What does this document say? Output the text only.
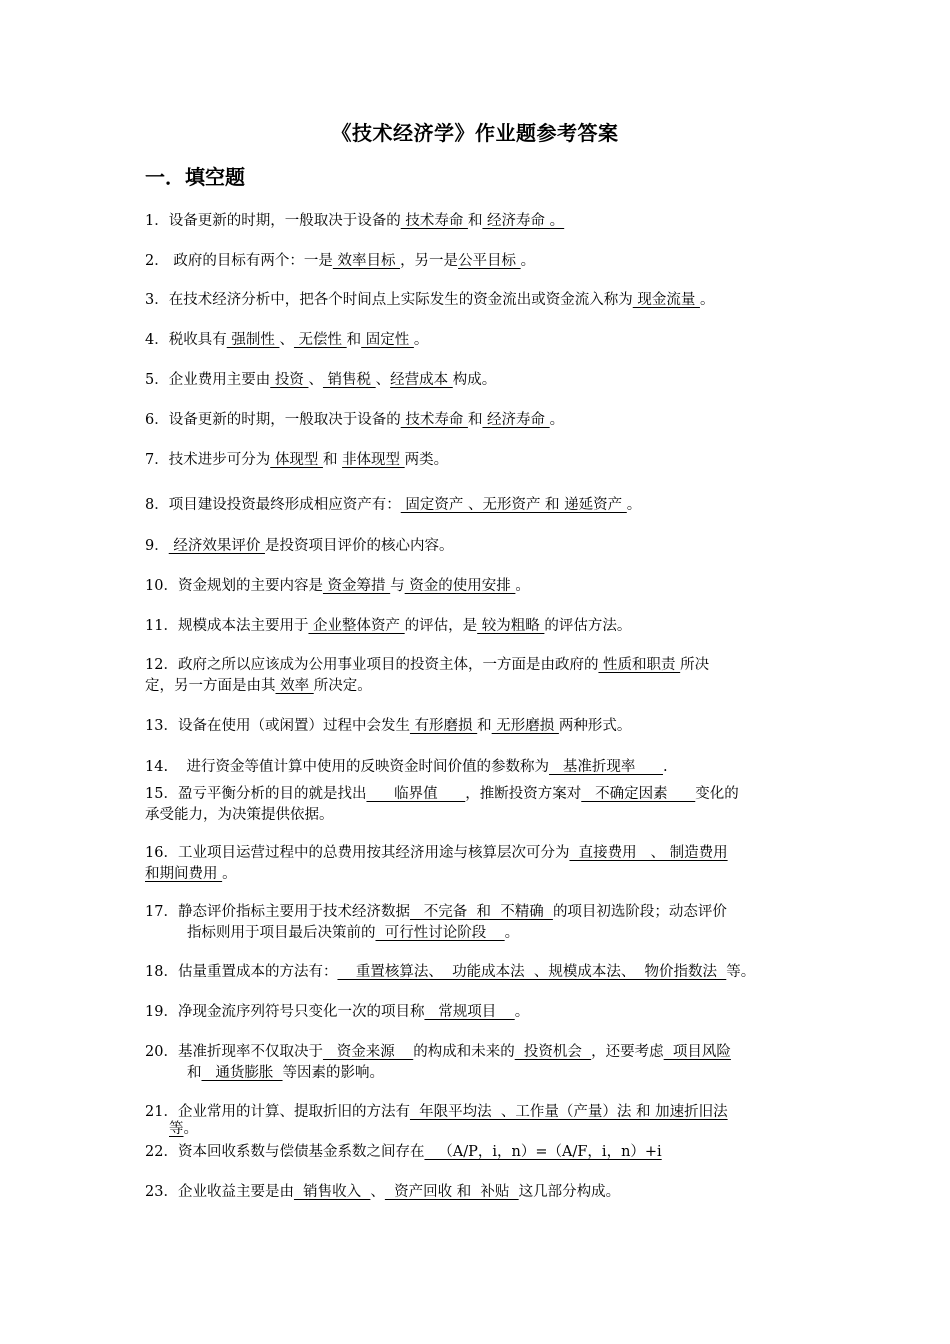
《技术经济学》作业题参考答案
一．填空题
1．设备更新的时期，一般取决于设备的 技术寿命 和 经济寿命 。
2． 政府的目标有两个：一是 效率目标 ，另一是公平目标 。
3．在技术经济分析中，把各个时间点上实际发生的资金流出或资金流入称为 现金流量 。
4．税收具有 强制性 、 无偿性 和 固定性 。
5．企业费用主要由 投资 、 销售税 、经营成本 构成。
6．设备更新的时期，一般取决于设备的 技术寿命 和 经济寿命 。
7．技术进步可分为 体现型 和 非体现型 两类。
8．项目建设投资最终形成相应资产有： 固定资产 、无形资产 和 递延资产 。
9． 经济效果评价 是投资项目评价的核心内容。
10．资金规划的主要内容是 资金筹措 与 资金的使用安排 。
11．规模成本法主要用于 企业整体资产 的评估，是 较为粗略 的评估方法。
12．政府之所以应该成为公用事业项目的投资主体，一方面是由政府的 性质和职责 所决
定，另一方面是由其 效率 所决定。
13．设备在使用（或闲置）过程中会发生 有形磨损 和 无形磨损 两种形式。
14.    进行资金等值计算中使用的反映资金时间价值的参数称为   基准折现率      .
15．盈亏平衡分析的目的就是找出      临界值      ，推断投资方案对   不确定因素      变化的
承受能力，为决策提供依据。
16．工业项目运营过程中的总费用按其经济用途与核算层次可分为  直接费用   、 制造费用
和期间费用 。
17．静态评价指标主要用于技术经济数据   不完备  和  不精确  的项目初选阶段；动态评价
指标则用于项目最后决策前的  可行性讨论阶段    。
18．估量重置成本的方法有：    重置核算法、  功能成本法  、规模成本法、  物价指数法  等。
19．净现金流序列符号只变化一次的项目称   常规项目    。
20．基准折现率不仅取决于   资金来源    的构成和未来的  投资机会  ，还要考虑  项目风险
和   通货膨胀  等因素的影响。
21．企业常用的计算、提取折旧的方法有  年限平均法  、工作量（产量）法 和 加速折旧法
等。
22．资本回收系数与偿债基金系数之间存在   （A/P，i，n）=（A/F，i，n）+i
23．企业收益主要是由  销售收入  、  资产回收 和  补贴  这几部分构成。
